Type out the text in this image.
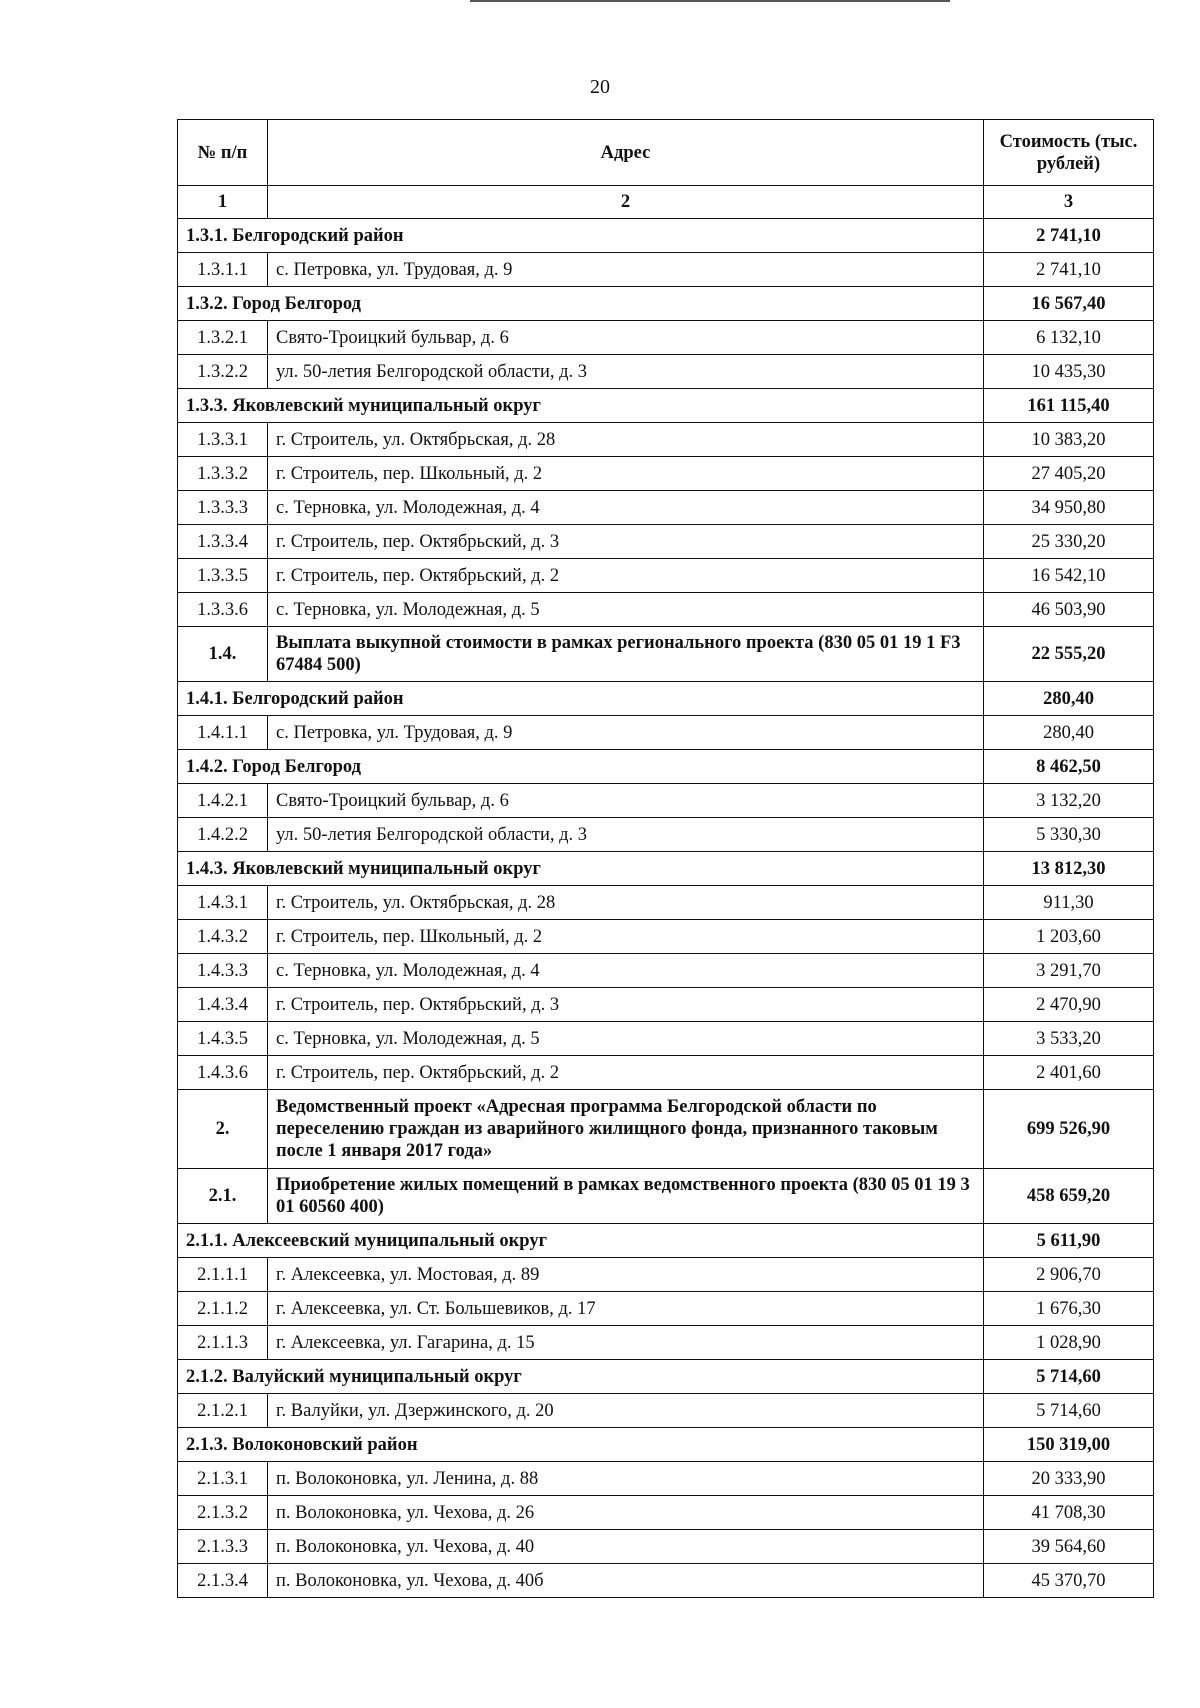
20
№ п/п	Адрес	Стоимость (тыс. рублей)
1	2	3
1.3.1. Белгородский район		2 741,10
1.3.1.1	с. Петровка, ул. Трудовая, д. 9	2 741,10
1.3.2. Город Белгород		16 567,40
1.3.2.1	Свято-Троицкий бульвар, д. 6	6 132,10
1.3.2.2	ул. 50-летия Белгородской области, д. 3	10 435,30
1.3.3. Яковлевский муниципальный округ		161 115,40
1.3.3.1	г. Строитель, ул. Октябрьская, д. 28	10 383,20
1.3.3.2	г. Строитель, пер. Школьный, д. 2	27 405,20
1.3.3.3	с. Терновка, ул. Молодежная, д. 4	34 950,80
1.3.3.4	г. Строитель, пер. Октябрьский, д. 3	25 330,20
1.3.3.5	г. Строитель, пер. Октябрьский, д. 2	16 542,10
1.3.3.6	с. Терновка, ул. Молодежная, д. 5	46 503,90
1.4.	Выплата выкупной стоимости в рамках регионального проекта (830 05 01 19 1 F3 67484 500)	22 555,20
1.4.1. Белгородский район		280,40
1.4.1.1	с. Петровка, ул. Трудовая, д. 9	280,40
1.4.2. Город Белгород		8 462,50
1.4.2.1	Свято-Троицкий бульвар, д. 6	3 132,20
1.4.2.2	ул. 50-летия Белгородской области, д. 3	5 330,30
1.4.3. Яковлевский муниципальный округ		13 812,30
1.4.3.1	г. Строитель, ул. Октябрьская, д. 28	911,30
1.4.3.2	г. Строитель, пер. Школьный, д. 2	1 203,60
1.4.3.3	с. Терновка, ул. Молодежная, д. 4	3 291,70
1.4.3.4	г. Строитель, пер. Октябрьский, д. 3	2 470,90
1.4.3.5	с. Терновка, ул. Молодежная, д. 5	3 533,20
1.4.3.6	г. Строитель, пер. Октябрьский, д. 2	2 401,60
2.	Ведомственный проект «Адресная программа Белгородской области по переселению граждан из аварийного жилищного фонда, признанного таковым после 1 января 2017 года»	699 526,90
2.1.	Приобретение жилых помещений в рамках ведомственного проекта (830 05 01 19 3 01 60560 400)	458 659,20
2.1.1. Алексеевский муниципальный округ		5 611,90
2.1.1.1	г. Алексеевка, ул. Мостовая, д. 89	2 906,70
2.1.1.2	г. Алексеевка, ул. Ст. Большевиков, д. 17	1 676,30
2.1.1.3	г. Алексеевка, ул. Гагарина, д. 15	1 028,90
2.1.2. Валуйский муниципальный округ		5 714,60
2.1.2.1	г. Валуйки, ул. Дзержинского, д. 20	5 714,60
2.1.3. Волоконовский район		150 319,00
2.1.3.1	п. Волоконовка, ул. Ленина, д. 88	20 333,90
2.1.3.2	п. Волоконовка, ул. Чехова, д. 26	41 708,30
2.1.3.3	п. Волоконовка, ул. Чехова, д. 40	39 564,60
2.1.3.4	п. Волоконовка, ул. Чехова, д. 40б	45 370,70
